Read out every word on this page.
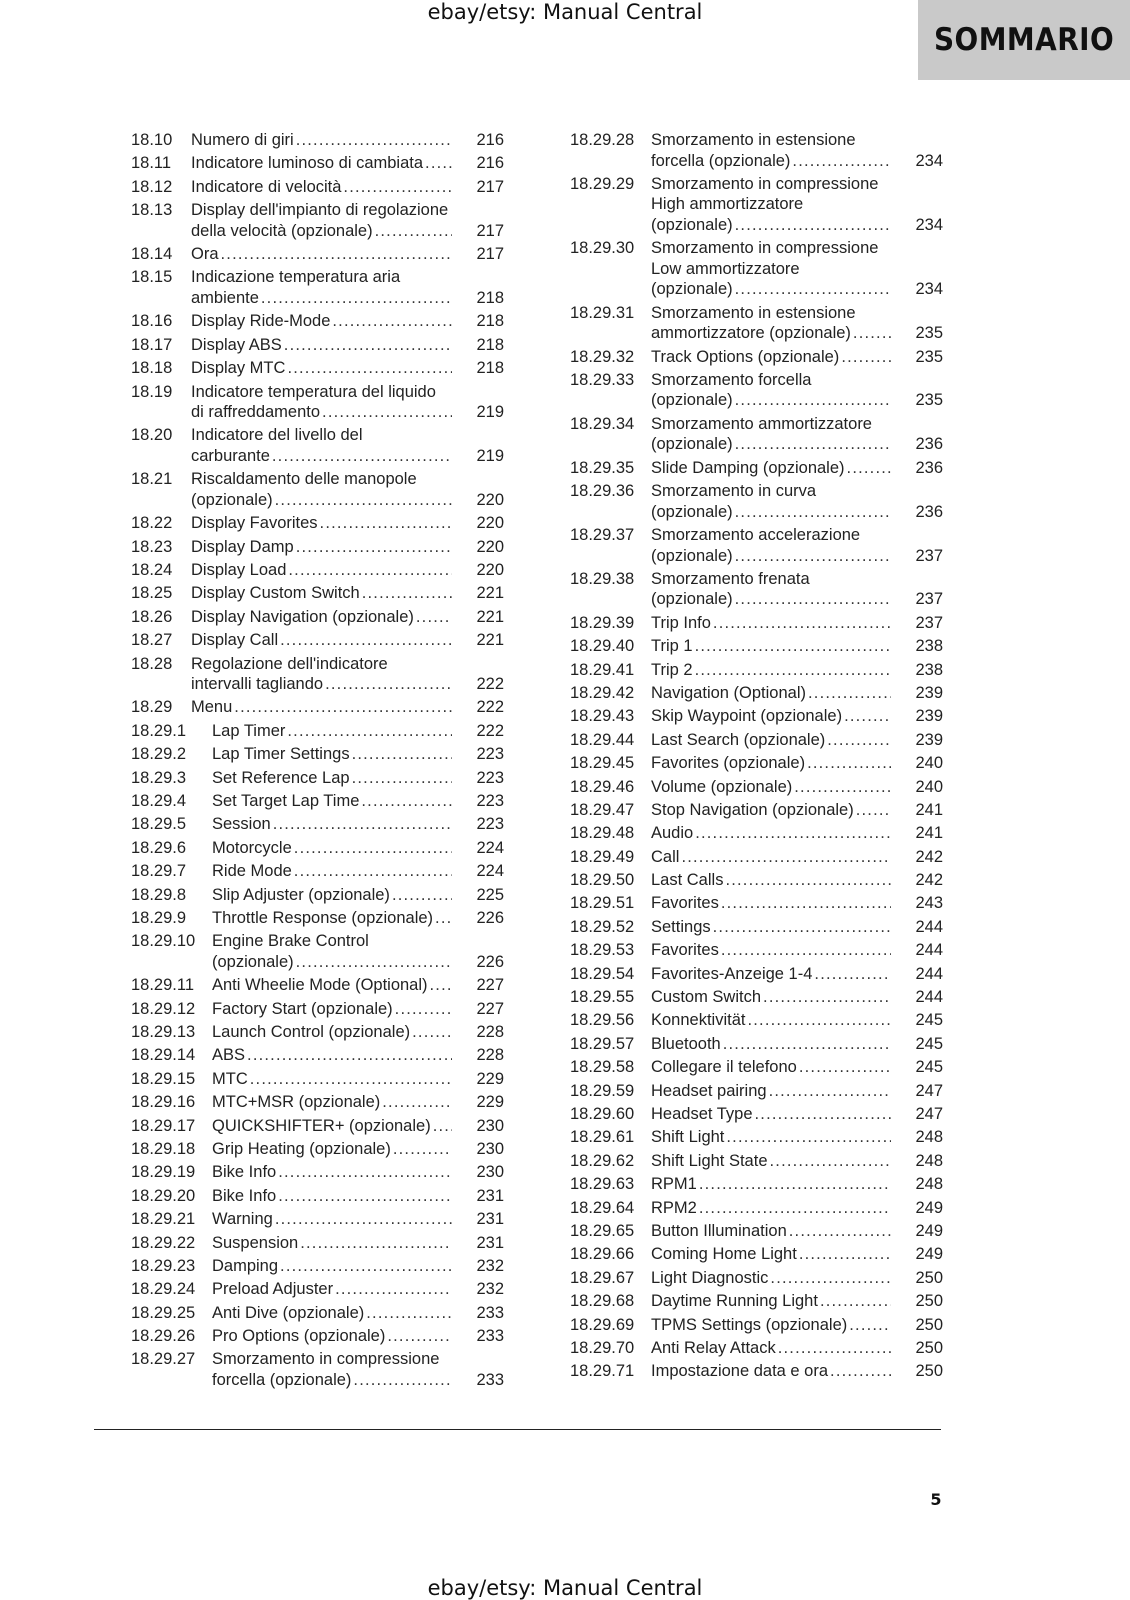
ebay/etsy: Manual Central
SOMMARIO
18.10 Numero di giri .....	216
18.11 Indicatore luminoso di cambiata .....	216
18.12 Indicatore di velocità .....	217
18.13 Display dell'impianto di regolazione
della velocità (opzionale) .....	217
18.14 Ora .....	217
18.15 Indicazione temperatura aria
ambiente .....	218
18.16 Display Ride-Mode .....	218
18.17 Display ABS .....	218
18.18 Display MTC .....	218
18.19 Indicatore temperatura del liquido
di raffreddamento .....	219
18.20 Indicatore del livello del
carburante .....	219
18.21 Riscaldamento delle manopole
(opzionale) .....	220
18.22 Display Favorites .....	220
18.23 Display Damp .....	220
18.24 Display Load .....	220
18.25 Display Custom Switch .....	221
18.26 Display Navigation (opzionale) .....	221
18.27 Display Call .....	221
18.28 Regolazione dell'indicatore
intervalli tagliando .....	222
18.29 Menu .....	222
18.29.1 Lap Timer .....	222
18.29.2 Lap Timer Settings .....	223
18.29.3 Set Reference Lap .....	223
18.29.4 Set Target Lap Time .....	223
18.29.5 Session .....	223
18.29.6 Motorcycle .....	224
18.29.7 Ride Mode .....	224
18.29.8 Slip Adjuster (opzionale) .....	225
18.29.9 Throttle Response (opzionale) .....	226
18.29.10 Engine Brake Control
(opzionale) .....	226
18.29.11 Anti Wheelie Mode (Optional) .....	227
18.29.12 Factory Start (opzionale) .....	227
18.29.13 Launch Control (opzionale) .....	228
18.29.14 ABS .....	228
18.29.15 MTC .....	229
18.29.16 MTC+MSR (opzionale) .....	229
18.29.17 QUICKSHIFTER+ (opzionale) .....	230
18.29.18 Grip Heating (opzionale) .....	230
18.29.19 Bike Info .....	230
18.29.20 Bike Info .....	231
18.29.21 Warning .....	231
18.29.22 Suspension .....	231
18.29.23 Damping .....	232
18.29.24 Preload Adjuster .....	232
18.29.25 Anti Dive (opzionale) .....	233
18.29.26 Pro Options (opzionale) .....	233
18.29.27 Smorzamento in compressione
forcella (opzionale) .....	233
18.29.28 Smorzamento in estensione
forcella (opzionale) .....	234
18.29.29 Smorzamento in compressione
High ammortizzatore
(opzionale) .....	234
18.29.30 Smorzamento in compressione
Low ammortizzatore
(opzionale) .....	234
18.29.31 Smorzamento in estensione
ammortizzatore (opzionale) .....	235
18.29.32 Track Options (opzionale) .....	235
18.29.33 Smorzamento forcella
(opzionale) .....	235
18.29.34 Smorzamento ammortizzatore
(opzionale) .....	236
18.29.35 Slide Damping (opzionale) .....	236
18.29.36 Smorzamento in curva
(opzionale) .....	236
18.29.37 Smorzamento accelerazione
(opzionale) .....	237
18.29.38 Smorzamento frenata
(opzionale) .....	237
18.29.39 Trip Info .....	237
18.29.40 Trip 1 .....	238
18.29.41 Trip 2 .....	238
18.29.42 Navigation (Optional) .....	239
18.29.43 Skip Waypoint (opzionale) .....	239
18.29.44 Last Search (opzionale) .....	239
18.29.45 Favorites (opzionale) .....	240
18.29.46 Volume (opzionale) .....	240
18.29.47 Stop Navigation (opzionale) .....	241
18.29.48 Audio .....	241
18.29.49 Call .....	242
18.29.50 Last Calls .....	242
18.29.51 Favorites .....	243
18.29.52 Settings .....	244
18.29.53 Favorites .....	244
18.29.54 Favorites-Anzeige 1-4 .....	244
18.29.55 Custom Switch .....	244
18.29.56 Konnektivität .....	245
18.29.57 Bluetooth .....	245
18.29.58 Collegare il telefono .....	245
18.29.59 Headset pairing .....	247
18.29.60 Headset Type .....	247
18.29.61 Shift Light .....	248
18.29.62 Shift Light State .....	248
18.29.63 RPM1 .....	248
18.29.64 RPM2 .....	249
18.29.65 Button Illumination .....	249
18.29.66 Coming Home Light .....	249
18.29.67 Light Diagnostic .....	250
18.29.68 Daytime Running Light .....	250
18.29.69 TPMS Settings (opzionale) .....	250
18.29.70 Anti Relay Attack .....	250
18.29.71 Impostazione data e ora .....	250
5
ebay/etsy: Manual Central
